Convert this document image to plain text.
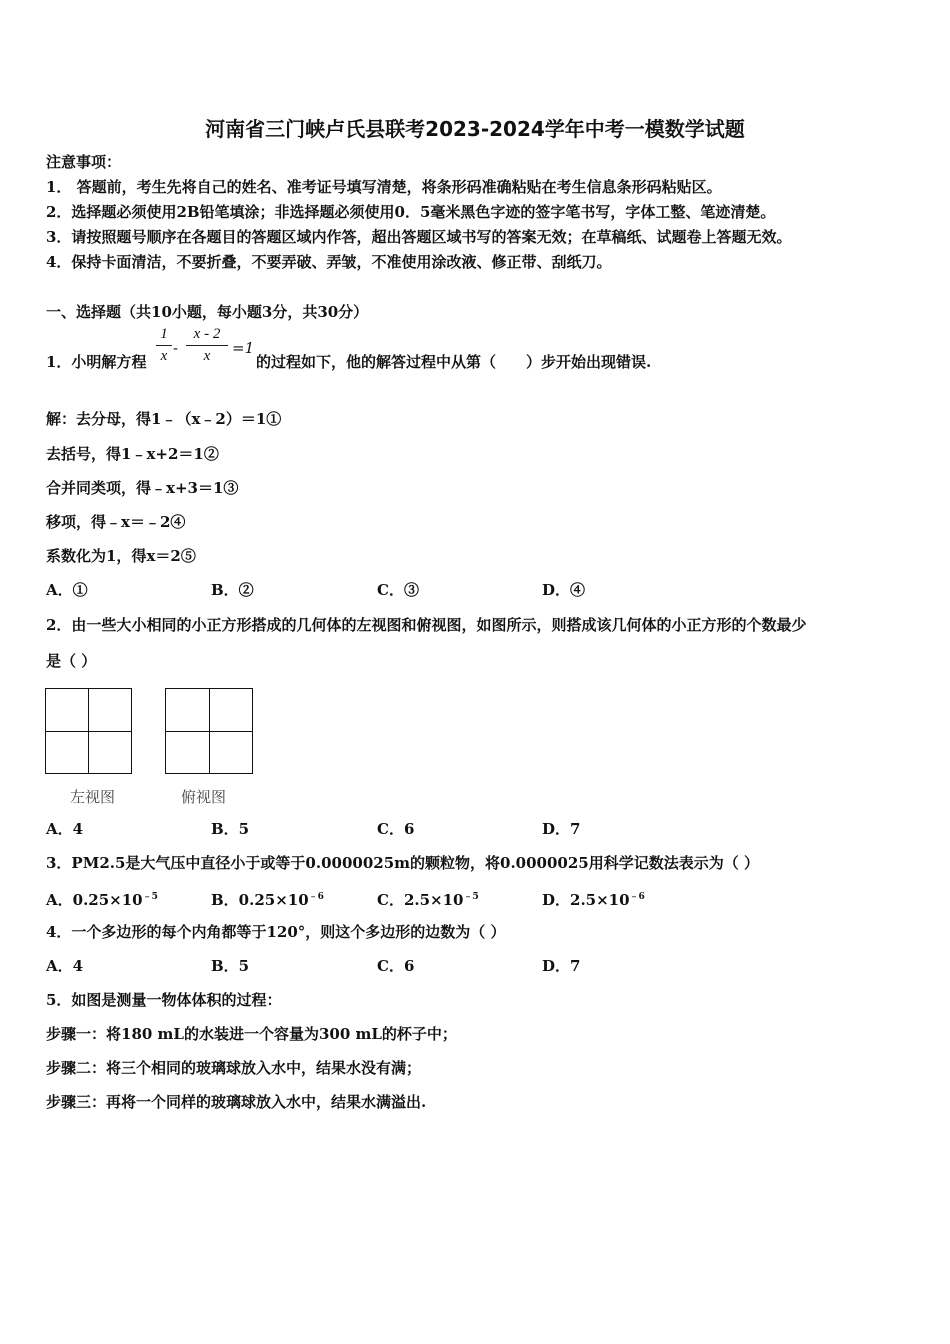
河南省三门峡卢氏县联考2023-2024学年中考一模数学试题
注意事项：
1． 答题前，考生先将自己的姓名、准考证号填写清楚，将条形码准确粘贴在考生信息条形码粘贴区。
2．选择题必须使用2B铅笔填涂；非选择题必须使用0．5毫米黑色字迹的签字笔书写，字体工整、笔迹清楚。
3．请按照题号顺序在各题目的答题区域内作答，超出答题区域书写的答案无效；在草稿纸、试题卷上答题无效。
4．保持卡面清洁，不要折叠，不要弄破、弄皱，不准使用涂改液、修正带、刮纸刀。
一、选择题（共10小题，每小题3分，共30分）
1．小明解方程
1
x -
x - 2
x	=1
的过程如下，他的解答过程中从第（　　）步开始出现错误.
解：去分母，得1﹣（x﹣2）＝1①
去括号，得1﹣x+2＝1②
合并同类项，得﹣x+3＝1③
移项，得﹣x＝﹣2④
系数化为1，得x＝2⑤
A．①	B．②	C．③	D．④
2．由一些大小相同的小正方形搭成的几何体的左视图和俯视图，如图所示，则搭成该几何体的小正方形的个数最少
是（ ）
左视图	俯视图
A．4	B．5	C．6	D．7
3．PM2.5是大气压中直径小于或等于0.0000025m的颗粒物，将0.0000025用科学记数法表示为（ ）
A．$0.25\times 10^{﹣5}$	B．$0.25\times 10^{﹣6}$	C．$2.5\times 10^{﹣5}$	D．$2.5\times 10^{﹣6}$
4．一个多边形的每个内角都等于120°，则这个多边形的边数为（ ）
A．4	B．5	C．6	D．7
5．如图是测量一物体体积的过程：
步骤一：将180 mL的水装进一个容量为300 mL的杯子中；
步骤二：将三个相同的玻璃球放入水中，结果水没有满；
步骤三：再将一个同样的玻璃球放入水中，结果水满溢出.
